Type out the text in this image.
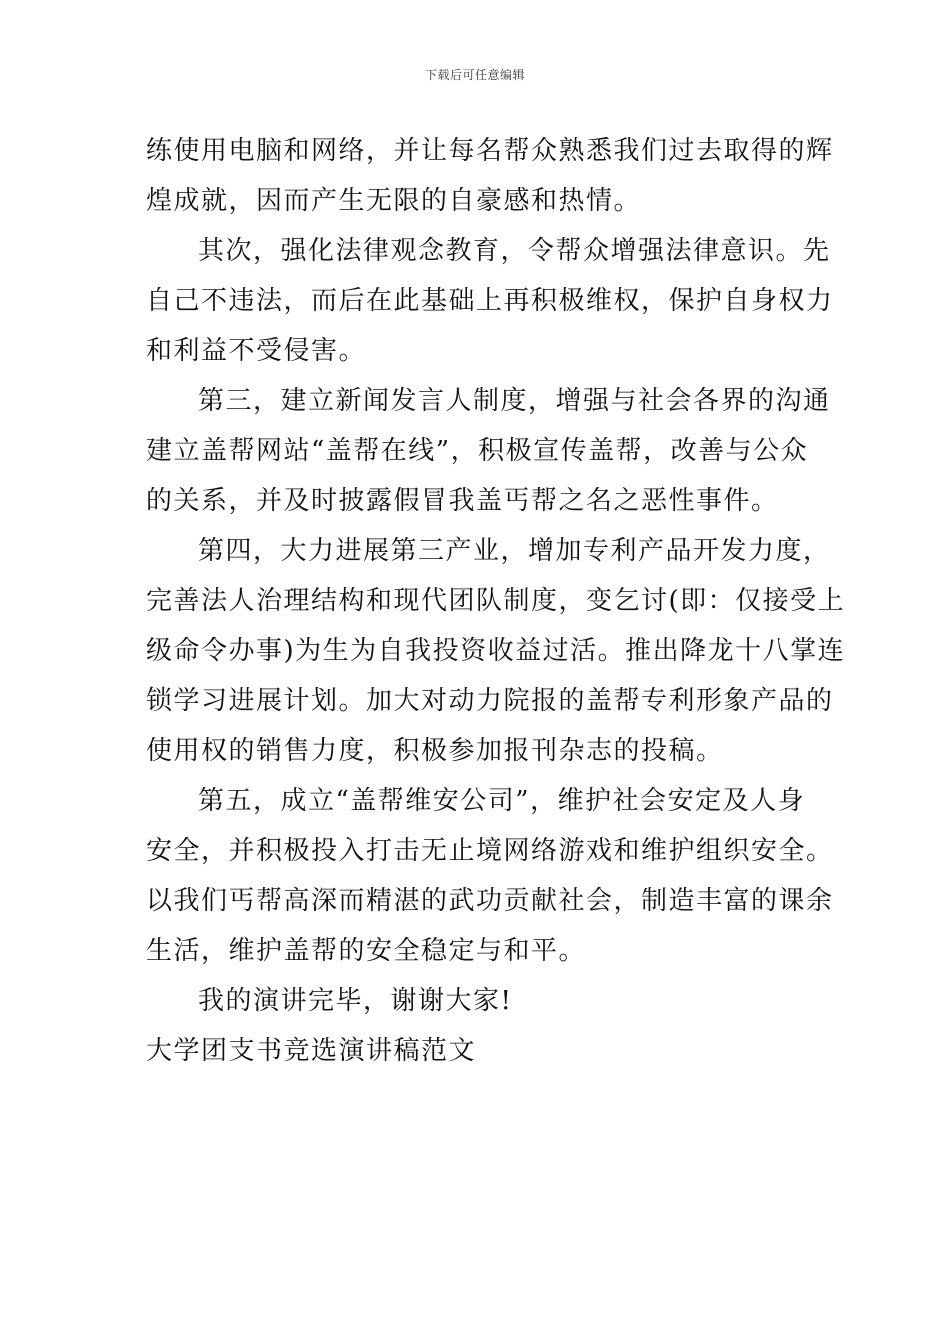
下载后可任意编辑
练使用电脑和网络，并让每名帮众熟悉我们过去取得的辉
煌成就，因而产生无限的自豪感和热情。
其次，强化法律观念教育，令帮众增强法律意识。先
自己不违法，而后在此基础上再积极维权，保护自身权力
和利益不受侵害。
第三，建立新闻发言人制度，增强与社会各界的沟通
建立盖帮网站“盖帮在线”，积极宣传盖帮，改善与公众
的关系，并及时披露假冒我盖丐帮之名之恶性事件。
第四，大力进展第三产业，增加专利产品开发力度，
完善法人治理结构和现代团队制度，变乞讨(即：仅接受上
级命令办事)为生为自我投资收益过活。推出降龙十八掌连
锁学习进展计划。加大对动力院报的盖帮专利形象产品的
使用权的销售力度，积极参加报刊杂志的投稿。
第五，成立“盖帮维安公司”，维护社会安定及人身
安全，并积极投入打击无止境网络游戏和维护组织安全。
以我们丐帮高深而精湛的武功贡献社会，制造丰富的课余
生活，维护盖帮的安全稳定与和平。
我的演讲完毕，谢谢大家!
大学团支书竞选演讲稿范文
